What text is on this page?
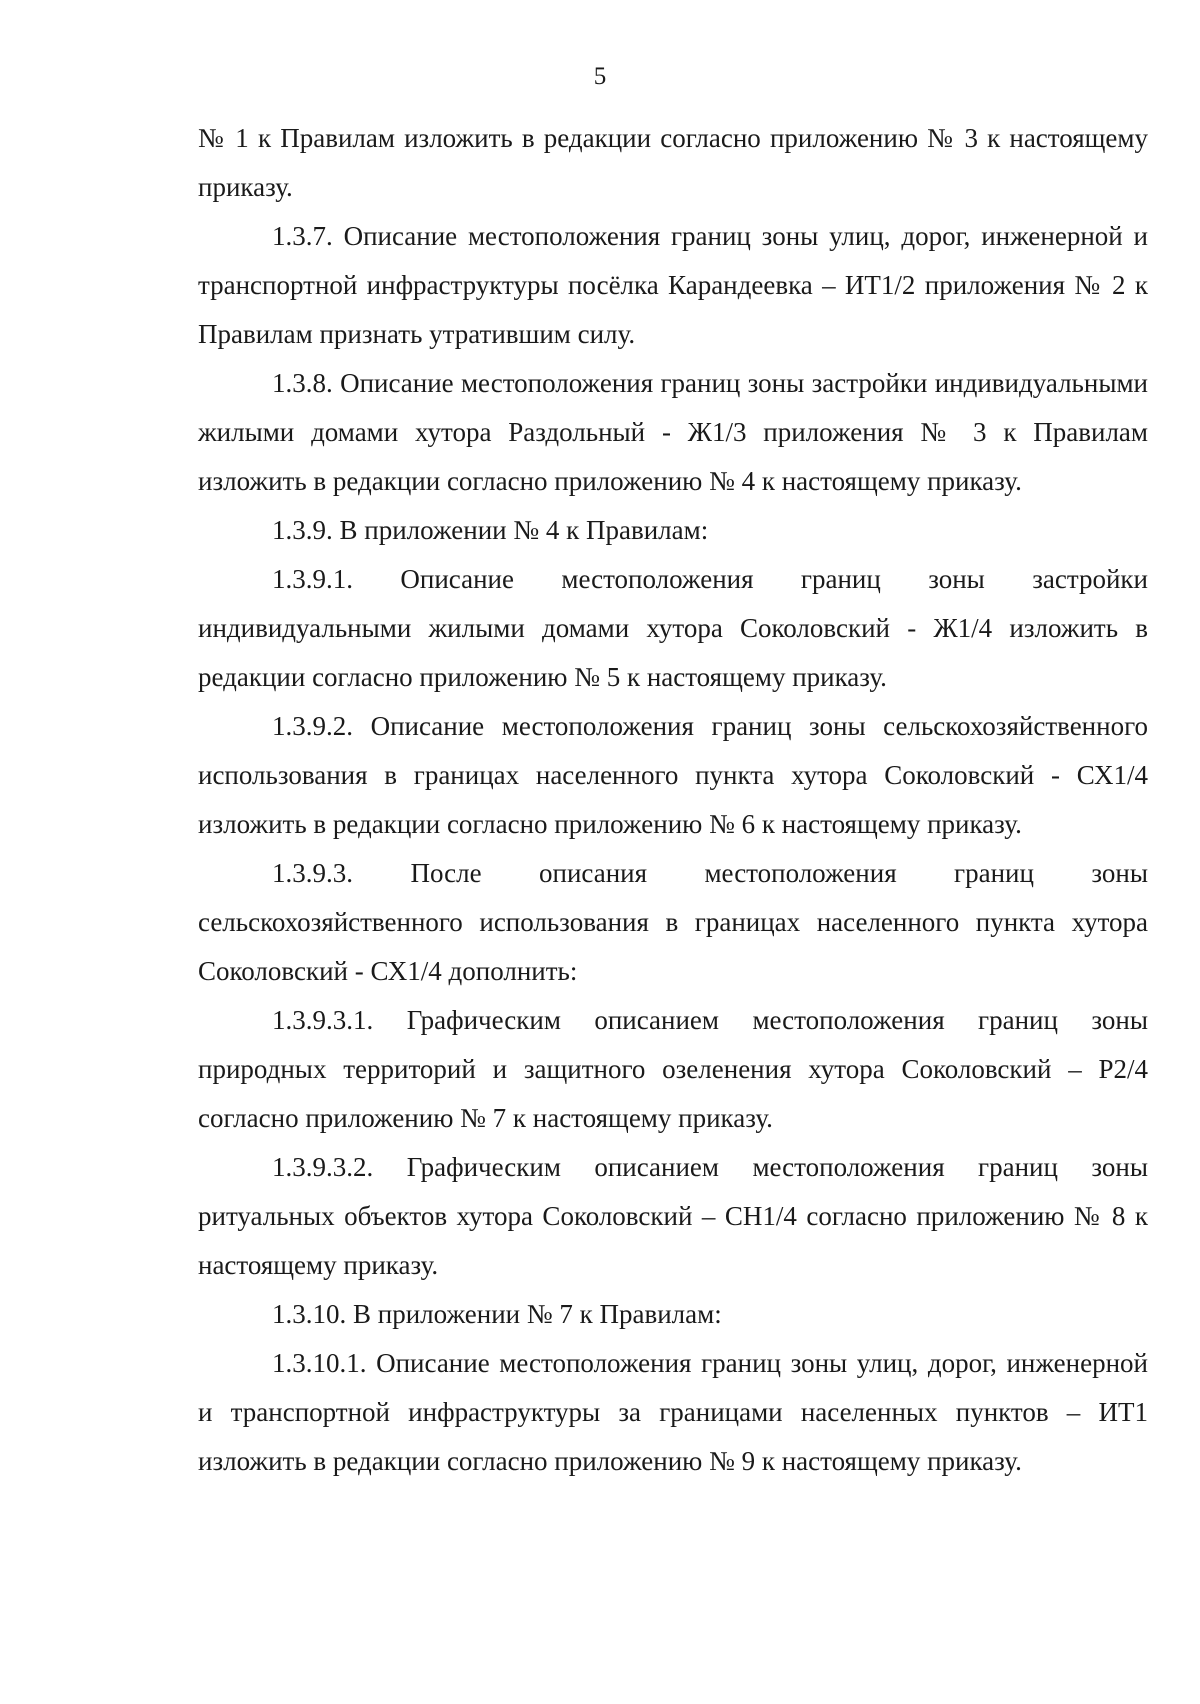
5

№ 1 к Правилам изложить в редакции согласно приложению № 3 к настоящему приказу.

1.3.7. Описание местоположения границ зоны улиц, дорог, инженерной и транспортной инфраструктуры посёлка Карандеевка – ИТ1/2 приложения № 2 к Правилам признать утратившим силу.

1.3.8. Описание местоположения границ зоны застройки индивидуальными жилыми домами хутора Раздольный - Ж1/3 приложения № 3 к Правилам изложить в редакции согласно приложению № 4 к настоящему приказу.

1.3.9. В приложении № 4 к Правилам:

1.3.9.1. Описание местоположения границ зоны застройки индивидуальными жилыми домами хутора Соколовский - Ж1/4 изложить в редакции согласно приложению № 5 к настоящему приказу.

1.3.9.2. Описание местоположения границ зоны сельскохозяйственного использования в границах населенного пункта хутора Соколовский - СХ1/4 изложить в редакции согласно приложению № 6 к настоящему приказу.

1.3.9.3. После описания местоположения границ зоны сельскохозяйственного использования в границах населенного пункта хутора Соколовский - СХ1/4 дополнить:

1.3.9.3.1. Графическим описанием местоположения границ зоны природных территорий и защитного озеленения хутора Соколовский – Р2/4 согласно приложению № 7 к настоящему приказу.

1.3.9.3.2. Графическим описанием местоположения границ зоны ритуальных объектов хутора Соколовский – СН1/4 согласно приложению № 8 к настоящему приказу.

1.3.10. В приложении № 7 к Правилам:

1.3.10.1. Описание местоположения границ зоны улиц, дорог, инженерной и транспортной инфраструктуры за границами населенных пунктов – ИТ1 изложить в редакции согласно приложению № 9 к настоящему приказу.
